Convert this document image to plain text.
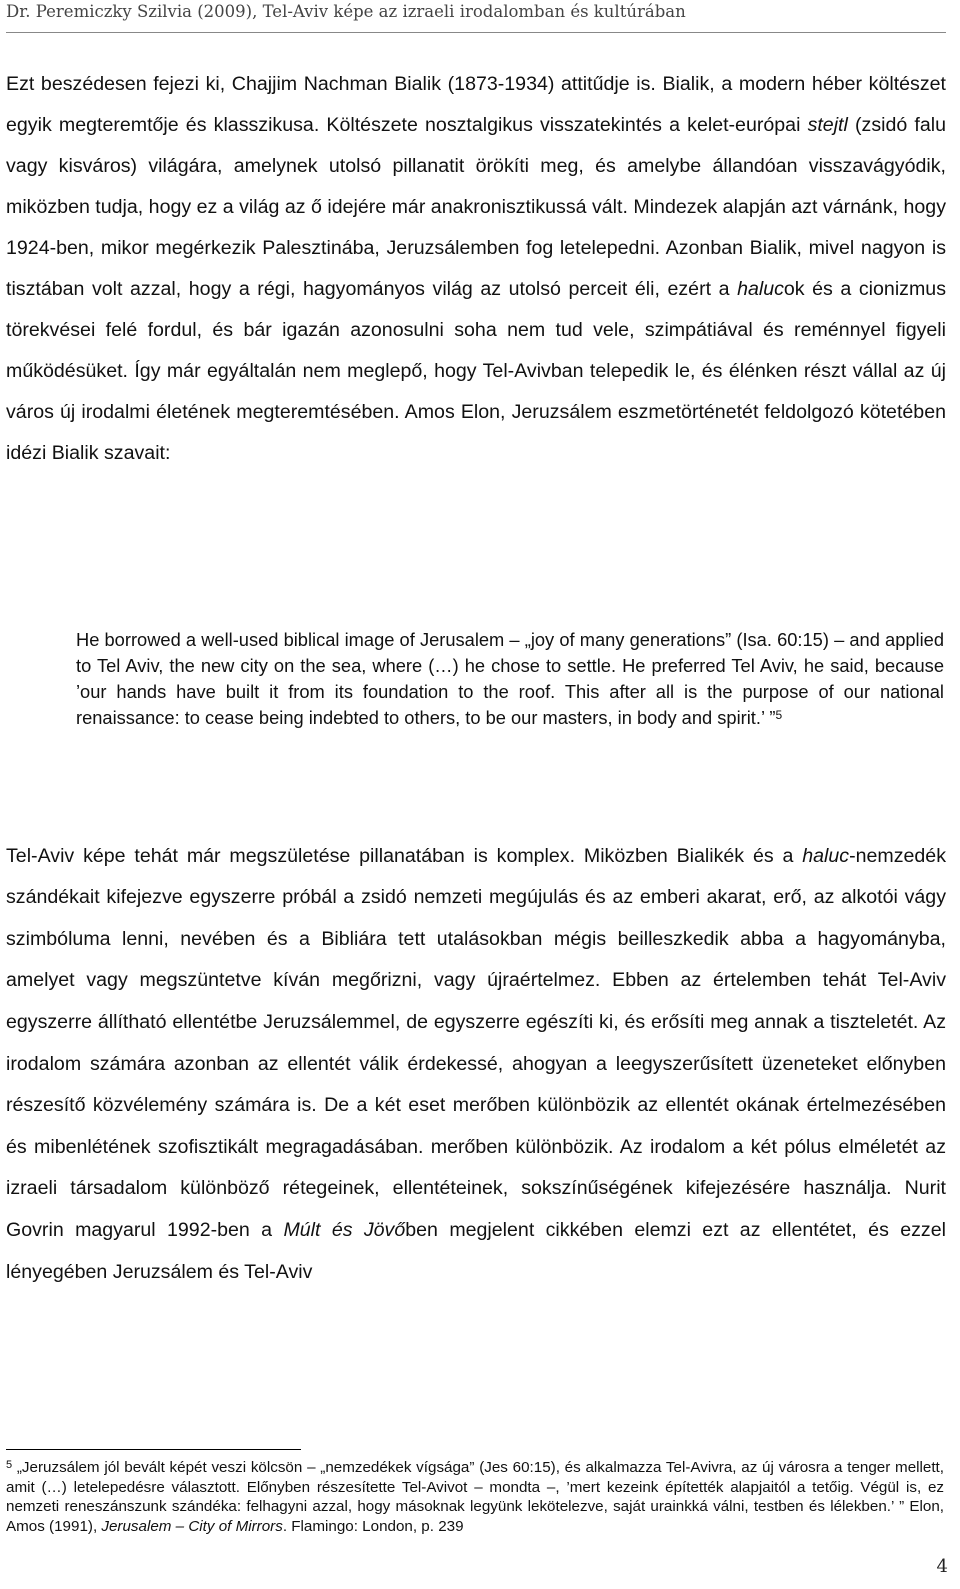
Dr. Peremiczky Szilvia (2009), Tel-Aviv képe az izraeli irodalomban és kultúrában

Ezt beszédesen fejezi ki, Chajjim Nachman Bialik (1873-1934) attitűdje is. Bialik, a modern héber költészet egyik megteremtője és klasszikusa. Költészete nosztalgikus visszatekintés a kelet-európai stejtl (zsidó falu vagy kisváros) világára, amelynek utolsó pillanatit örökíti meg, és amelybe állandóan visszavágyódik, miközben tudja, hogy ez a világ az ő idejére már anakronisztikussá vált. Mindezek alapján azt várnánk, hogy 1924-ben, mikor megérkezik Palesztinába, Jeruzsálemben fog letelepedni. Azonban Bialik, mivel nagyon is tisztában volt azzal, hogy a régi, hagyományos világ az utolsó perceit éli, ezért a halucok és a cionizmus törekvései felé fordul, és bár igazán azonosulni soha nem tud vele, szimpátiával és reménnyel figyeli működésüket. Így már egyáltalán nem meglepő, hogy Tel-Avivban telepedik le, és élénken részt vállal az új város új irodalmi életének megteremtésében. Amos Elon, Jeruzsálem eszmetörténetét feldolgozó kötetében idézi Bialik szavait:

He borrowed a well-used biblical image of Jerusalem – „joy of many generations” (Isa. 60:15) – and applied to Tel Aviv, the new city on the sea, where (…) he chose to settle. He preferred Tel Aviv, he said, because ’our hands have built it from its foundation to the roof. This after all is the purpose of our national renaissance: to cease being indebted to others, to be our masters, in body and spirit.’ ”$^5$

Tel-Aviv képe tehát már megszületése pillanatában is komplex. Miközben Bialikék és a haluc-nemzedék szándékait kifejezve egyszerre próbál a zsidó nemzeti megújulás és az emberi akarat, erő, az alkotói vágy szimbóluma lenni, nevében és a Bibliára tett utalásokban mégis beilleszkedik abba a hagyományba, amelyet vagy megszüntetve kíván megőrizni, vagy újraértelmez. Ebben az értelemben tehát Tel-Aviv egyszerre állítható ellentétbe Jeruzsálemmel, de egyszerre egészíti ki, és erősíti meg annak a tiszteletét. Az irodalom számára azonban az ellentét válik érdekessé, ahogyan a leegyszerűsített üzeneteket előnyben részesítő közvélemény számára is. De a két eset merőben különbözik az ellentét okának értelmezésében és mibenlétének szofisztikált megragadásában. merőben különbözik. Az irodalom a két pólus elméletét az izraeli társadalom különböző rétegeinek, ellentéteinek, sokszínűségének kifejezésére használja. Nurit Govrin magyarul 1992-ben a Múlt és Jövőben megjelent cikkében elemzi ezt az ellentétet, és ezzel lényegében Jeruzsálem és Tel-Aviv

$^5$ „Jeruzsálem jól bevált képét veszi kölcsön – „nemzedékek vígsága” (Jes 60:15), és alkalmazza Tel-Avivra, az új városra a tenger mellett, amit (…) letelepedésre választott. Előnyben részesítette Tel-Avivot – mondta –, ’mert kezeink építették alapjaitól a tetőig. Végül is, ez nemzeti reneszánszunk szándéka: felhagyni azzal, hogy másoknak legyünk lekötelezve, saját urainkká válni, testben és lélekben.’ ” Elon, Amos (1991), Jerusalem – City of Mirrors. Flamingo: London, p. 239
4
